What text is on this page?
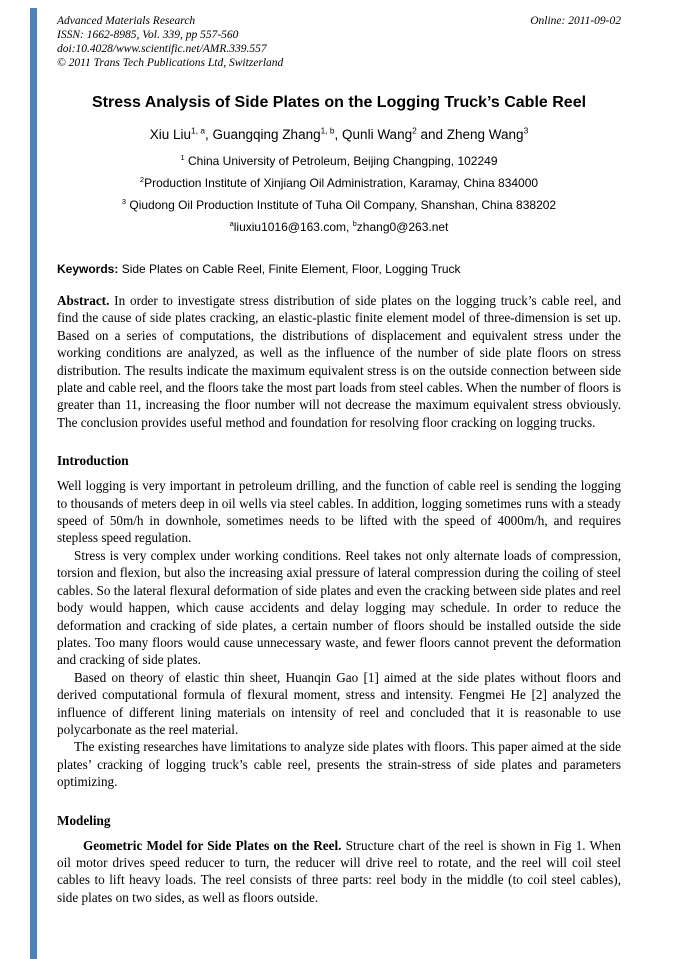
Advanced Materials Research
ISSN: 1662-8985, Vol. 339, pp 557-560
doi:10.4028/www.scientific.net/AMR.339.557
© 2011 Trans Tech Publications Ltd, Switzerland
Online: 2011-09-02
Stress Analysis of Side Plates on the Logging Truck’s Cable Reel

Xiu Liu$^{1, a}$, Guangqing Zhang$^{1, b}$, Qunli Wang$^2$ and Zheng Wang$^3$

$^1$ China University of Petroleum, Beijing Changping, 102249
$^2$Production Institute of Xinjiang Oil Administration, Karamay, China 834000
$^3$ Qiudong Oil Production Institute of Tuha Oil Company, Shanshan, China 838202
$^a$liuxiu1016@163.com, $^b$zhang0@263.net

Keywords: Side Plates on Cable Reel, Finite Element, Floor, Logging Truck

Abstract. In order to investigate stress distribution of side plates on the logging truck’s cable reel, and find the cause of side plates cracking, an elastic-plastic finite element model of three-dimension is set up. Based on a series of computations, the distributions of displacement and equivalent stress under the working conditions are analyzed, as well as the influence of the number of side plate floors on stress distribution. The results indicate the maximum equivalent stress is on the outside connection between side plate and cable reel, and the floors take the most part loads from steel cables. When the number of floors is greater than 11, increasing the floor number will not decrease the maximum equivalent stress obviously. The conclusion provides useful method and foundation for resolving floor cracking on logging trucks.

Introduction

Well logging is very important in petroleum drilling, and the function of cable reel is sending the logging to thousands of meters deep in oil wells via steel cables. In addition, logging sometimes runs with a steady speed of 50m/h in downhole, sometimes needs to be lifted with the speed of 4000m/h, and requires stepless speed regulation.

Stress is very complex under working conditions. Reel takes not only alternate loads of compression, torsion and flexion, but also the increasing axial pressure of lateral compression during the coiling of steel cables. So the lateral flexural deformation of side plates and even the cracking between side plates and reel body would happen, which cause accidents and delay logging may schedule. In order to reduce the deformation and cracking of side plates, a certain number of floors should be installed outside the side plates. Too many floors would cause unnecessary waste, and fewer floors cannot prevent the deformation and cracking of side plates.

Based on theory of elastic thin sheet, Huanqin Gao [1] aimed at the side plates without floors and derived computational formula of flexural moment, stress and intensity. Fengmei He [2] analyzed the influence of different lining materials on intensity of reel and concluded that it is reasonable to use polycarbonate as the reel material.

The existing researches have limitations to analyze side plates with floors. This paper aimed at the side plates’ cracking of logging truck’s cable reel, presents the strain-stress of side plates and parameters optimizing.

Modeling

Geometric Model for Side Plates on the Reel. Structure chart of the reel is shown in Fig 1. When oil motor drives speed reducer to turn, the reducer will drive reel to rotate, and the reel will coil steel cables to lift heavy loads. The reel consists of three parts: reel body in the middle (to coil steel cables), side plates on two sides, as well as floors outside.
